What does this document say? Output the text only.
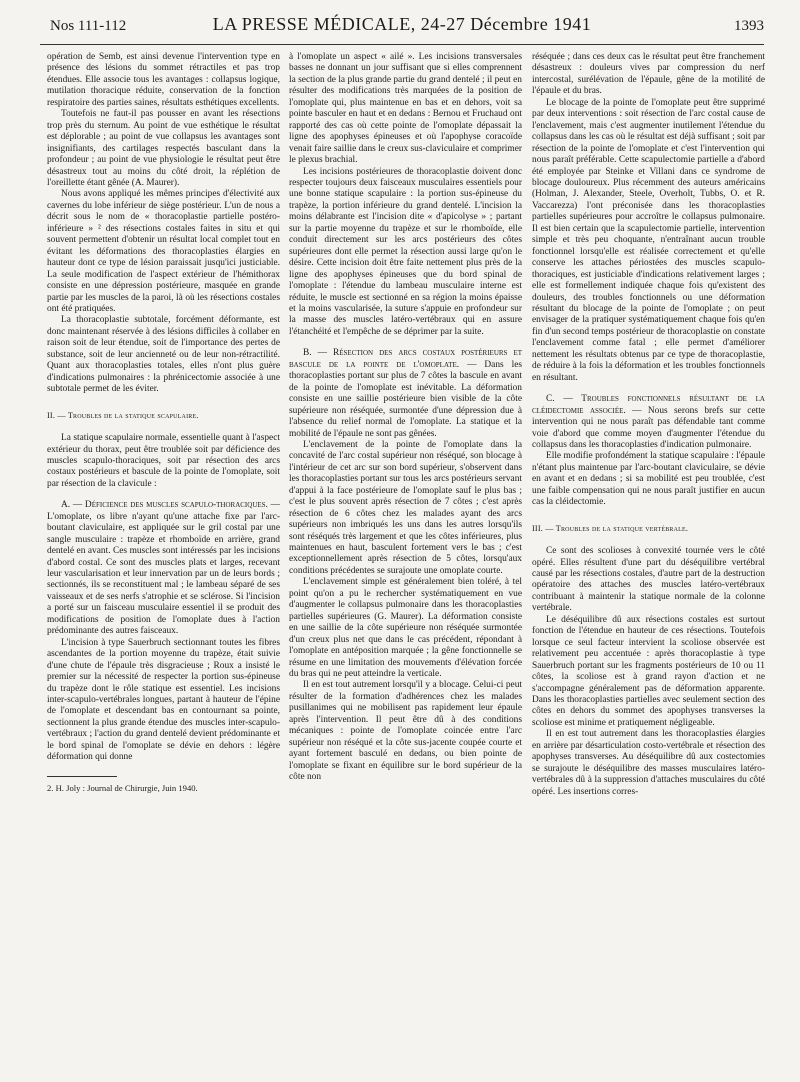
Nos 111-112	LA PRESSE MÉDICALE, 24-27 Décembre 1941	1393

opération de Semb, est ainsi devenue l'intervention type en présence des lésions du sommet rétractiles et pas trop étendues. Elle associe tous les avantages : collapsus logique, mutilation thoracique réduite, conservation de la fonction respiratoire des parties saines, résultats esthétiques excellents.

Toutefois ne faut-il pas pousser en avant les résections trop près du sternum. Au point de vue esthétique le résultat est déplorable ; au point de vue collapsus les avantages sont insignifiants, des cartilages respectés basculant dans la profondeur ; au point de vue physiologie le résultat peut être désastreux tout au moins du côté droit, la réplétion de l'oreillette étant gênée (A. Maurer).

Nous avons appliqué les mêmes principes d'électivité aux cavernes du lobe inférieur de siège postérieur. L'un de nous a décrit sous le nom de « thoracoplastie partielle postéro-inférieure » ² des résections costales faites in situ et qui souvent permettent d'obtenir un résultat local complet tout en évitant les déformations des thoracoplasties élargies en hauteur dont ce type de lésion paraissait jusqu'ici justiciable. La seule modification de l'aspect extérieur de l'hémithorax consiste en une dépression postérieure, masquée en grande partie par les muscles de la paroi, là où les résections costales ont été pratiquées.

La thoracoplastie subtotale, forcément déformante, est donc maintenant réservée à des lésions difficiles à collaber en raison soit de leur étendue, soit de l'importance des pertes de substance, soit de leur ancienneté ou de leur non-rétractilité. Quant aux thoracoplasties totales, elles n'ont plus guère d'indications pulmonaires : la phrénicectomie associée à une subtotale permet de les éviter.

II. — Troubles de la statique scapulaire.

La statique scapulaire normale, essentielle quant à l'aspect extérieur du thorax, peut être troublée soit par déficience des muscles scapulo-thoraciques, soit par résection des arcs costaux postérieurs et bascule de la pointe de l'omoplate, soit par résection de la clavicule :

A. — Déficience des muscles scapulo-thoraciques. — L'omoplate, os libre n'ayant qu'une attache fixe par l'arc-boutant claviculaire, est appliquée sur le gril costal par une sangle musculaire : trapèze et rhomboïde en arrière, grand dentelé en avant. Ces muscles sont intéressés par les incisions d'abord costal. Ce sont des muscles plats et larges, recevant leur vascularisation et leur innervation par un de leurs bords ; sectionnés, ils se reconstituent mal ; le lambeau séparé de ses vaisseaux et de ses nerfs s'atrophie et se sclérose. Si l'incision a porté sur un faisceau musculaire essentiel il se produit des modifications de position de l'omoplate dues à l'action prédominante des autres faisceaux.

L'incision à type Sauerbruch sectionnant toutes les fibres ascendantes de la portion moyenne du trapèze, était suivie d'une chute de l'épaule très disgracieuse ; Roux a insisté le premier sur la nécessité de respecter la portion sus-épineuse du trapèze dont le rôle statique est essentiel. Les incisions inter-scapulo-vertébrales longues, partant à hauteur de l'épine de l'omoplate et descendant bas en contournant sa pointe, sectionnent la plus grande étendue des muscles inter-scapulo-vertébraux ; l'action du grand dentelé devient prédominante et le bord spinal de l'omoplate se dévie en dehors : légère déformation qui donne

2. H. Joly : Journal de Chirurgie, Juin 1940.

à l'omoplate un aspect « ailé ». Les incisions transversales basses ne donnant un jour suffisant que si elles comprennent la section de la plus grande partie du grand dentelé ; il peut en résulter des modifications très marquées de la position de l'omoplate qui, plus maintenue en bas et en dehors, voit sa pointe basculer en haut et en dedans : Bernou et Fruchaud ont rapporté des cas où cette pointe de l'omoplate dépassait la ligne des apophyses épineuses et où l'apophyse coracoïde venait faire saillie dans le creux sus-claviculaire et comprimer le plexus brachial.

Les incisions postérieures de thoracoplastie doivent donc respecter toujours deux faisceaux musculaires essentiels pour une bonne statique scapulaire : la portion sus-épineuse du trapèze, la portion inférieure du grand dentelé. L'incision la moins délabrante est l'incision dite « d'apicolyse » ; partant sur la partie moyenne du trapèze et sur le rhomboïde, elle conduit directement sur les arcs postérieurs des côtes supérieures dont elle permet la résection aussi large qu'on le désire. Cette incision doit être faite nettement plus près de la ligne des apophyses épineuses que du bord spinal de l'omoplate : l'étendue du lambeau musculaire interne est réduite, le muscle est sectionné en sa région la moins épaisse et la moins vascularisée, la suture s'appuie en profondeur sur la masse des muscles latéro-vertébraux qui en assure l'étanchéité et l'empêche de se déprimer par la suite.

B. — Résection des arcs costaux postérieurs et bascule de la pointe de l'omoplate. — Dans les thoracoplasties portant sur plus de 7 côtes la bascule en avant de la pointe de l'omoplate est inévitable. La déformation consiste en une saillie postérieure bien visible de la côte supérieure non réséquée, surmontée d'une dépression due à l'absence du relief normal de l'omoplate. La statique et la mobilité de l'épaule ne sont pas gênées.

L'enclavement de la pointe de l'omoplate dans la concavité de l'arc costal supérieur non réséqué, son blocage à l'intérieur de cet arc sur son bord supérieur, s'observent dans les thoracoplasties portant sur tous les arcs postérieurs servant d'appui à la face postérieure de l'omoplate sauf le plus bas ; c'est le plus souvent après résection de 7 côtes ; c'est après résection de 6 côtes chez les malades ayant des arcs supérieurs non imbriqués les uns dans les autres lorsqu'ils sont réséqués très largement et que les côtes inférieures, plus maintenues en haut, basculent fortement vers le bas ; c'est exceptionnellement après résection de 5 côtes, lorsqu'aux conditions précédentes se surajoute une omoplate courte.

L'enclavement simple est généralement bien toléré, à tel point qu'on a pu le rechercher systématiquement en vue d'augmenter le collapsus pulmonaire dans les thoracoplasties partielles supérieures (G. Maurer). La déformation consiste en une saillie de la côte supérieure non réséquée surmontée d'un creux plus net que dans le cas précédent, répondant à l'omoplate en antéposition marquée ; la gêne fonctionnelle se résume en une limitation des mouvements d'élévation forcée du bras qui ne peut atteindre la verticale.

Il en est tout autrement lorsqu'il y a blocage. Celui-ci peut résulter de la formation d'adhérences chez les malades pusillanimes qui ne mobilisent pas rapidement leur épaule après l'intervention. Il peut être dû à des conditions mécaniques : pointe de l'omoplate coincée entre l'arc supérieur non réséqué et la côte sus-jacente coupée courte et ayant fortement basculé en dedans, ou bien pointe de l'omoplate se fixant en équilibre sur le bord supérieur de la côte non

réséquée ; dans ces deux cas le résultat peut être franchement désastreux : douleurs vives par compression du nerf intercostal, surélévation de l'épaule, gêne de la motilité de l'épaule et du bras.

Le blocage de la pointe de l'omoplate peut être supprimé par deux interventions : soit résection de l'arc costal cause de l'enclavement, mais c'est augmenter inutilement l'étendue du collapsus dans les cas où le résultat est déjà suffisant ; soit par résection de la pointe de l'omoplate et c'est l'intervention qui nous paraît préférable. Cette scapulectomie partielle a d'abord été employée par Steinke et Villani dans ce syndrome de blocage douloureux. Plus récemment des auteurs américains (Holman, J. Alexander, Steele, Overholt, Tubbs, O. et R. Vaccarezza) l'ont préconisée dans les thoracoplasties partielles supérieures pour accroître le collapsus pulmonaire. Il est bien certain que la scapulectomie partielle, intervention simple et très peu choquante, n'entraînant aucun trouble fonctionnel lorsqu'elle est réalisée correctement et qu'elle conserve les attaches périostées des muscles scapulo-thoraciques, est justiciable d'indications relativement larges ; elle est formellement indiquée chaque fois qu'existent des douleurs, des troubles fonctionnels ou une déformation résultant du blocage de la pointe de l'omoplate ; on peut envisager de la pratiquer systématiquement chaque fois qu'en fin d'un second temps postérieur de thoracoplastie on constate l'enclavement comme fatal ; elle permet d'améliorer nettement les résultats obtenus par ce type de thoracoplastie, de réduire à la fois la déformation et les troubles fonctionnels en résultant.

C. — Troubles fonctionnels résultant de la cléidectomie associée. — Nous serons brefs sur cette intervention qui ne nous paraît pas défendable tant comme voie d'abord que comme moyen d'augmenter l'étendue du collapsus dans les thoracoplasties d'indication pulmonaire.

Elle modifie profondément la statique scapulaire : l'épaule n'étant plus maintenue par l'arc-boutant claviculaire, se dévie en avant et en dedans ; si sa mobilité est peu troublée, c'est une faible compensation qui ne nous paraît justifier en aucun cas la cléidectomie.

III. — Troubles de la statique vertébrale.

Ce sont des scolioses à convexité tournée vers le côté opéré. Elles résultent d'une part du déséquilibre vertébral causé par les résections costales, d'autre part de la destruction opératoire des attaches des muscles latéro-vertébraux contribuant à maintenir la statique normale de la colonne vertébrale.

Le déséquilibre dû aux résections costales est surtout fonction de l'étendue en hauteur de ces résections. Toutefois lorsque ce seul facteur intervient la scoliose observée est relativement peu accentuée : après thoracoplastie à type Sauerbruch portant sur les fragments postérieurs de 10 ou 11 côtes, la scoliose est à grand rayon d'action et ne s'accompagne généralement pas de déformation apparente. Dans les thoracoplasties partielles avec seulement section des côtes en dehors du sommet des apophyses transverses la scoliose est minime et pratiquement négligeable.

Il en est tout autrement dans les thoracoplasties élargies en arrière par désarticulation costo-vertébrale et résection des apophyses transverses. Au déséquilibre dû aux costectomies se surajoute le déséquilibre des masses musculaires latéro-vertébrales dû à la suppression d'attaches musculaires du côté opéré. Les insertions corres-
